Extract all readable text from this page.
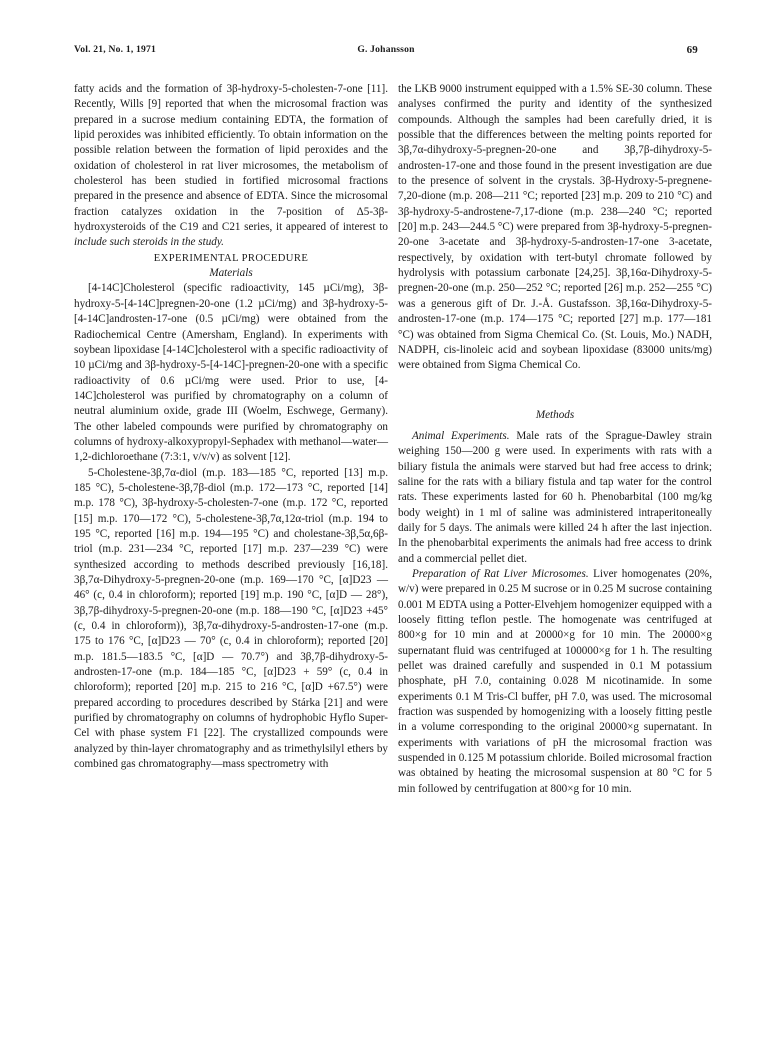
Vol. 21, No. 1, 1971	G. Johansson	69

fatty acids and the formation of 3β-hydroxy-5-cholesten-7-one [11]. Recently, Wills [9] reported that when the microsomal fraction was prepared in a sucrose medium containing EDTA, the formation of lipid peroxides was inhibited efficiently. To obtain information on the possible relation between the formation of lipid peroxides and the oxidation of cholesterol in rat liver microsomes, the metabolism of cholesterol has been studied in fortified microsomal fractions prepared in the presence and absence of EDTA. Since the microsomal fraction catalyzes oxidation in the 7-position of Δ5-3β-hydroxysteroids of the C19 and C21 series, it appeared of interest to include such steroids in the study.

EXPERIMENTAL PROCEDURE

Materials

[4-14C]Cholesterol (specific radioactivity, 145 µCi/mg), 3β-hydroxy-5-[4-14C]pregnen-20-one (1.2 µCi/mg) and 3β-hydroxy-5-[4-14C]androsten-17-one (0.5 µCi/mg) were obtained from the Radiochemical Centre (Amersham, England). In experiments with soybean lipoxidase [4-14C]cholesterol with a specific radioactivity of 10 µCi/mg and 3β-hydroxy-5-[4-14C]-pregnen-20-one with a specific radioactivity of 0.6 µCi/mg were used. Prior to use, [4-14C]cholesterol was purified by chromatography on a column of neutral aluminium oxide, grade III (Woelm, Eschwege, Germany). The other labeled compounds were purified by chromatography on columns of hydroxy-alkoxypropyl-Sephadex with methanol—water—1,2-dichloroethane (7:3:1, v/v/v) as solvent [12].

5-Cholestene-3β,7α-diol (m.p. 183—185 °C, reported [13] m.p. 185 °C), 5-cholestene-3β,7β-diol (m.p. 172—173 °C, reported [14] m.p. 178 °C), 3β-hydroxy-5-cholesten-7-one (m.p. 172 °C, reported [15] m.p. 170—172 °C), 5-cholestene-3β,7α,12α-triol (m.p. 194 to 195 °C, reported [16] m.p. 194—195 °C) and cholestane-3β,5α,6β-triol (m.p. 231—234 °C, reported [17] m.p. 237—239 °C) were synthesized according to methods described previously [16,18]. 3β,7α-Dihydroxy-5-pregnen-20-one (m.p. 169—170 °C, [α]D23 — 46° (c, 0.4 in chloroform); reported [19] m.p. 190 °C, [α]D — 28°), 3β,7β-dihydroxy-5-pregnen-20-one (m.p. 188—190 °C, [α]D23 +45° (c, 0.4 in chloroform)), 3β,7α-dihydroxy-5-androsten-17-one (m.p. 175 to 176 °C, [α]D23 — 70° (c, 0.4 in chloroform); reported [20] m.p. 181.5—183.5 °C, [α]D — 70.7°) and 3β,7β-dihydroxy-5-androsten-17-one (m.p. 184—185 °C, [α]D23 + 59° (c, 0.4 in chloroform); reported [20] m.p. 215 to 216 °C, [α]D +67.5°) were prepared according to procedures described by Stárka [21] and were purified by chromatography on columns of hydrophobic Hyflo Super-Cel with phase system F1 [22]. The crystallized compounds were analyzed by thin-layer chromatography and as trimethylsilyl ethers by combined gas chromatography—mass spectrometry with

the LKB 9000 instrument equipped with a 1.5% SE-30 column. These analyses confirmed the purity and identity of the synthesized compounds. Although the samples had been carefully dried, it is possible that the differences between the melting points reported for 3β,7α-dihydroxy-5-pregnen-20-one and 3β,7β-dihydroxy-5-androsten-17-one and those found in the present investigation are due to the presence of solvent in the crystals. 3β-Hydroxy-5-pregnene-7,20-dione (m.p. 208—211 °C; reported [23] m.p. 209 to 210 °C) and 3β-hydroxy-5-androstene-7,17-dione (m.p. 238—240 °C; reported [20] m.p. 243—244.5 °C) were prepared from 3β-hydroxy-5-pregnen-20-one 3-acetate and 3β-hydroxy-5-androsten-17-one 3-acetate, respectively, by oxidation with tert-butyl chromate followed by hydrolysis with potassium carbonate [24,25]. 3β,16α-Dihydroxy-5-pregnen-20-one (m.p. 250—252 °C; reported [26] m.p. 252—255 °C) was a generous gift of Dr. J.-Å. Gustafsson. 3β,16α-Dihydroxy-5-androsten-17-one (m.p. 174—175 °C; reported [27] m.p. 177—181 °C) was obtained from Sigma Chemical Co. (St. Louis, Mo.) NADH, NADPH, cis-linoleic acid and soybean lipoxidase (83000 units/mg) were obtained from Sigma Chemical Co.

Methods

Animal Experiments. Male rats of the Sprague-Dawley strain weighing 150—200 g were used. In experiments with rats with a biliary fistula the animals were starved but had free access to drink; saline for the rats with a biliary fistula and tap water for the control rats. These experiments lasted for 60 h. Phenobarbital (100 mg/kg body weight) in 1 ml of saline was administered intraperitoneally daily for 5 days. The animals were killed 24 h after the last injection. In the phenobarbital experiments the animals had free access to drink and a commercial pellet diet.

Preparation of Rat Liver Microsomes. Liver homogenates (20%, w/v) were prepared in 0.25 M sucrose or in 0.25 M sucrose containing 0.001 M EDTA using a Potter-Elvehjem homogenizer equipped with a loosely fitting teflon pestle. The homogenate was centrifuged at 800×g for 10 min and at 20000×g for 10 min. The 20000×g supernatant fluid was centrifuged at 100000×g for 1 h. The resulting pellet was drained carefully and suspended in 0.1 M potassium phosphate, pH 7.0, containing 0.028 M nicotinamide. In some experiments 0.1 M Tris-Cl buffer, pH 7.0, was used. The microsomal fraction was suspended by homogenizing with a loosely fitting pestle in a volume corresponding to the original 20000×g supernatant. In experiments with variations of pH the microsomal fraction was suspended in 0.125 M potassium chloride. Boiled microsomal fraction was obtained by heating the microsomal suspension at 80 °C for 5 min followed by centrifugation at 800×g for 10 min.
